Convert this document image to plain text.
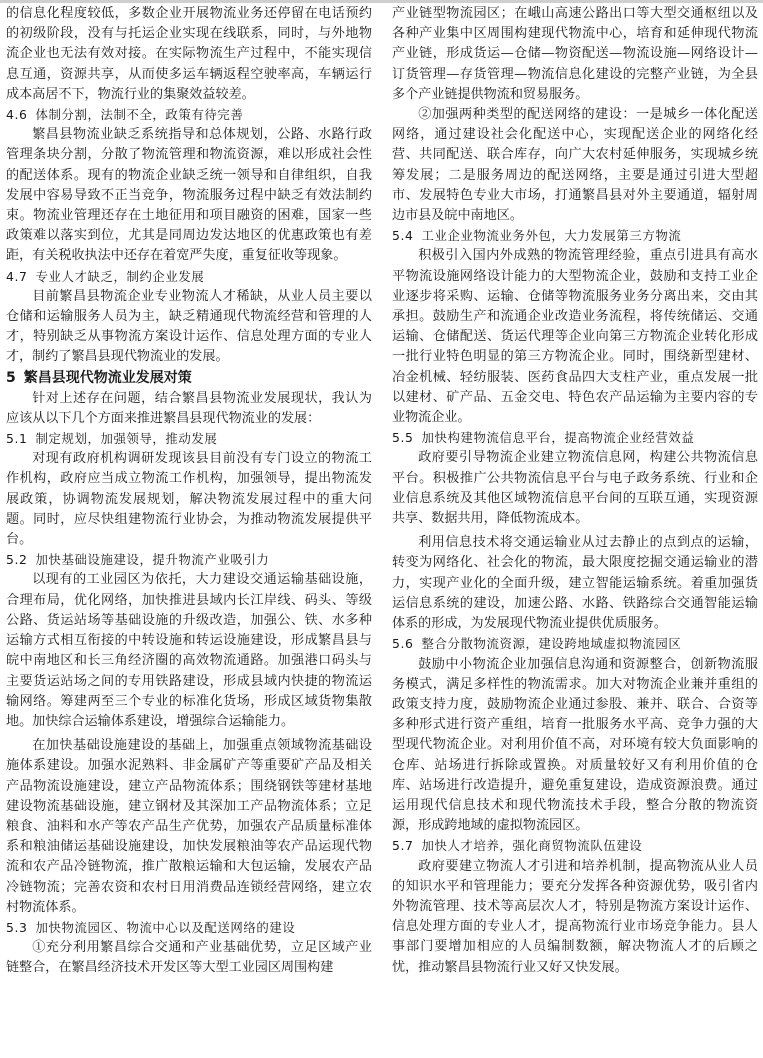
的信息化程度较低，多数企业开展物流业务还停留在电话预约的初级阶段，没有与托运企业实现在线联系，同时，与外地物流企业也无法有效对接。在实际物流生产过程中，不能实现信息互通，资源共享，从而使多运车辆返程空驶率高，车辆运行成本高居不下，物流行业的集聚效益较差。

4.6 体制分割，法制不全，政策有待完善

繁昌县物流业缺乏系统指导和总体规划，公路、水路行政管理条块分割，分散了物流管理和物流资源，难以形成社会性的配送体系。现有的物流企业缺乏统一领导和自律组织，自我发展中容易导致不正当竞争，物流服务过程中缺乏有效法制约束。物流业管理还存在土地征用和项目融资的困难，国家一些政策难以落实到位，尤其是同周边发达地区的优惠政策也有差距，有关税收执法中还存在着宽严失度，重复征收等现象。

4.7 专业人才缺乏，制约企业发展

目前繁昌县物流企业专业物流人才稀缺，从业人员主要以仓储和运输服务人员为主，缺乏精通现代物流经营和管理的人才，特别缺乏从事物流方案设计运作、信息处理方面的专业人才，制约了繁昌县现代物流业的发展。

5 繁昌县现代物流业发展对策

针对上述存在问题，结合繁昌县物流业发展现状，我认为应该从以下几个方面来推进繁昌县现代物流业的发展：

5.1 制定规划，加强领导，推动发展

对现有政府机构调研发现该县目前没有专门设立的物流工作机构，政府应当成立物流工作机构，加强领导，提出物流发展政策，协调物流发展规划，解决物流发展过程中的重大问题。同时，应尽快组建物流行业协会，为推动物流发展提供平台。

5.2 加快基础设施建设，提升物流产业吸引力

以现有的工业园区为依托，大力建设交通运输基础设施，合理布局，优化网络，加快推进县域内长江岸线、码头、等级公路、货运站场等基础设施的升级改造，加强公、铁、水多种运输方式相互衔接的中转设施和转运设施建设，形成繁昌县与皖中南地区和长三角经济圈的高效物流通路。加强港口码头与主要货运站场之间的专用铁路建设，形成县域内快捷的物流运输网络。筹建两至三个专业的标准化货场，形成区域货物集散地。加快综合运输体系建设，增强综合运输能力。

在加快基础设施建设的基础上，加强重点领域物流基础设施体系建设。加强水泥熟料、非金属矿产等重要矿产品及相关产品物流设施建设，建立产品物流体系；围绕钢铁等建材基地建设物流基础设施，建立钢材及其深加工产品物流体系；立足粮食、油料和水产等农产品生产优势，加强农产品质量标准体系和粮油储运基础设施建设，加快发展粮油等农产品运现代物流和农产品冷链物流，推广散粮运输和大包运输，发展农产品冷链物流；完善农资和农村日用消费品连锁经营网络，建立农村物流体系。

5.3 加快物流园区、物流中心以及配送网络的建设

①充分利用繁昌综合交通和产业基础优势，立足区域产业链整合，在繁昌经济技术开发区等大型工业园区周围构建

产业链型物流园区；在峨山高速公路出口等大型交通枢纽以及各种产业集中区周围构建现代物流中心，培育和延伸现代物流产业链，形成货运—仓储—物资配送—物流设施—网络设计—订货管理—存货管理—物流信息化建设的完整产业链，为全县多个产业链提供物流和贸易服务。

②加强两种类型的配送网络的建设：一是城乡一体化配送网络，通过建设社会化配送中心，实现配送企业的网络化经营、共同配送、联合库存，向广大农村延伸服务，实现城乡统筹发展；二是服务周边的配送网络，主要是通过引进大型超市、发展特色专业大市场，打通繁昌县对外主要通道，辐射周边市县及皖中南地区。

5.4 工业企业物流业务外包，大力发展第三方物流

积极引入国内外成熟的物流管理经验，重点引进具有高水平物流设施网络设计能力的大型物流企业，鼓励和支持工业企业逐步将采购、运输、仓储等物流服务业务分离出来，交由其承担。鼓励生产和流通企业改造业务流程，将传统储运、交通运输、仓储配送、货运代理等企业向第三方物流企业转化形成一批行业特色明显的第三方物流企业。同时，围绕新型建材、冶金机械、轻纺服装、医药食品四大支柱产业，重点发展一批以建材、矿产品、五金交电、特色农产品运输为主要内容的专业物流企业。

5.5 加快构建物流信息平台，提高物流企业经营效益

政府要引导物流企业建立物流信息网，构建公共物流信息平台。积极推广公共物流信息平台与电子政务系统、行业和企业信息系统及其他区域物流信息平台间的互联互通，实现资源共享、数据共用，降低物流成本。

利用信息技术将交通运输业从过去静止的点到点的运输，转变为网络化、社会化的物流，最大限度挖掘交通运输业的潜力，实现产业化的全面升级，建立智能运输系统。着重加强货运信息系统的建设，加速公路、水路、铁路综合交通智能运输体系的形成，为发展现代物流业提供优质服务。

5.6 整合分散物流资源，建设跨地域虚拟物流园区

鼓励中小物流企业加强信息沟通和资源整合，创新物流服务模式，满足多样性的物流需求。加大对物流企业兼并重组的政策支持力度，鼓励物流企业通过参股、兼并、联合、合资等多种形式进行资产重组，培育一批服务水平高、竞争力强的大型现代物流企业。对利用价值不高，对环境有较大负面影响的仓库、站场进行拆除或置换。对质量较好又有利用价值的仓库、站场进行改造提升，避免重复建设，造成资源浪费。通过运用现代信息技术和现代物流技术手段，整合分散的物流资源，形成跨地域的虚拟物流园区。

5.7 加快人才培养，强化商贸物流队伍建设

政府要建立物流人才引进和培养机制，提高物流从业人员的知识水平和管理能力；要充分发挥各种资源优势，吸引省内外物流管理、技术等高层次人才，特别是物流方案设计运作、信息处理方面的专业人才，提高物流行业市场竞争能力。县人事部门要增加相应的人员编制数额，解决物流人才的后顾之忧，推动繁昌县物流行业又好又快发展。
